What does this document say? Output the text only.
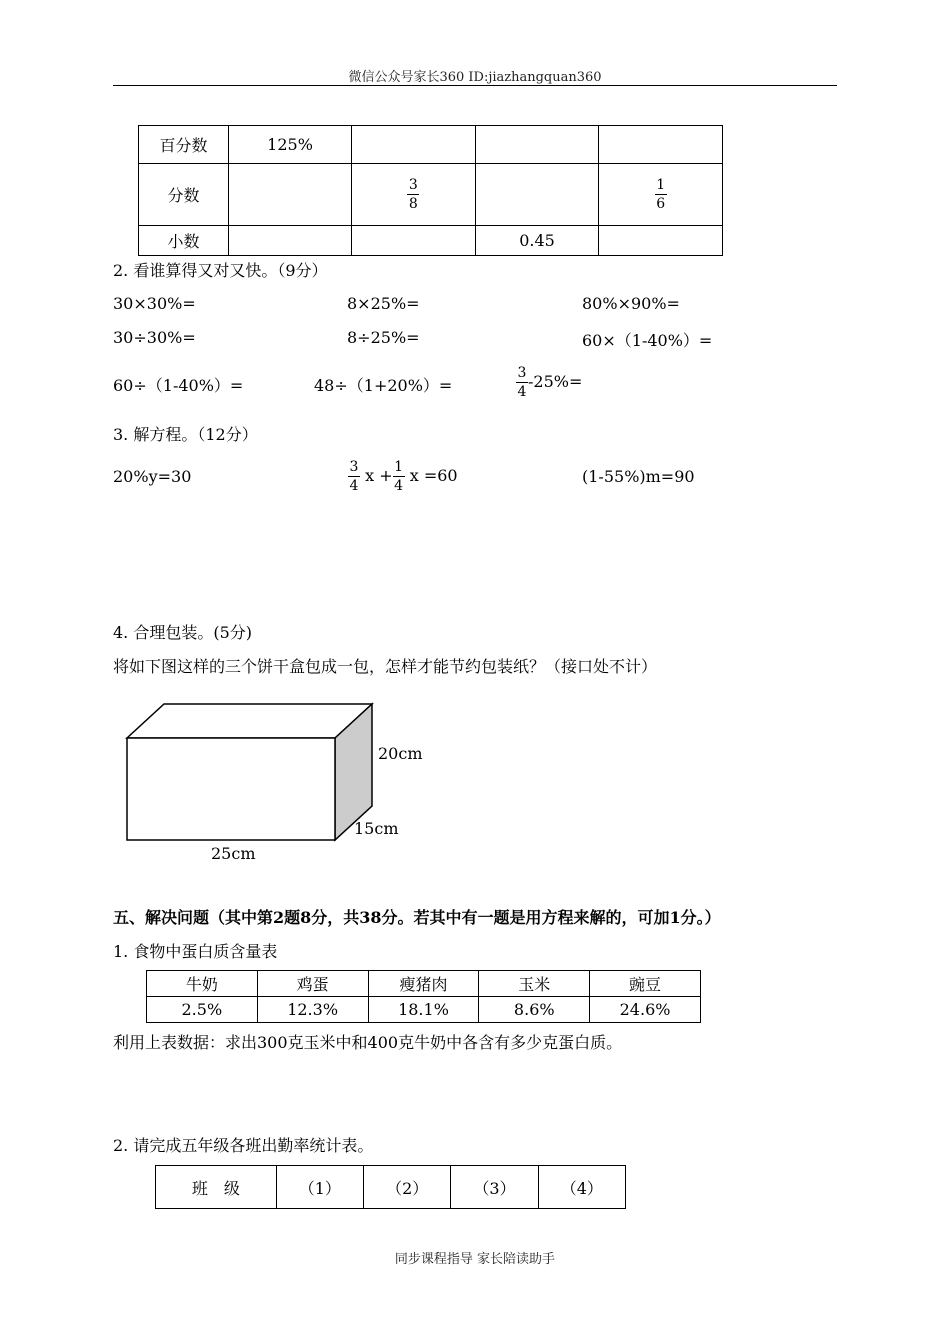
微信公众号家长360 ID:jiazhangquan360
百分数	125%			
分数		$\frac{3}{8}$		$\frac{1}{6}$

小数			0.45	
2. 看谁算得又对又快。（9分）
30×30%=	8×25%=	80%×90%=
30÷30%=	8÷25%=	60×（1-40%）=
60÷（1-40%）=	48÷（1+20%）=	$\frac{3}{4} -25\%=$
3. 解方程。（12分）
20%y=30	$\frac{3}{4}$ $x + \frac{1}{4}$ x =60	(1-55%)m=90
4. 合理包装。(5分)
将如下图这样的三个饼干盒包成一包，怎样才能节约包装纸？（接口处不计）
20cm
15cm
25cm
五、解决问题（其中第2题8分，共38分。若其中有一题是用方程来解的，可加1分。）
1. 食物中蛋白质含量表
牛奶	鸡蛋	瘦猪肉	玉米	豌豆
2.5%	12.3%	18.1%	8.6%	24.6%
利用上表数据：求出300克玉米中和400克牛奶中各含有多少克蛋白质。
2. 请完成五年级各班出勤率统计表。
班　级	（1）	（2）	（3）	（4）
同步课程指导 家长陪读助手
